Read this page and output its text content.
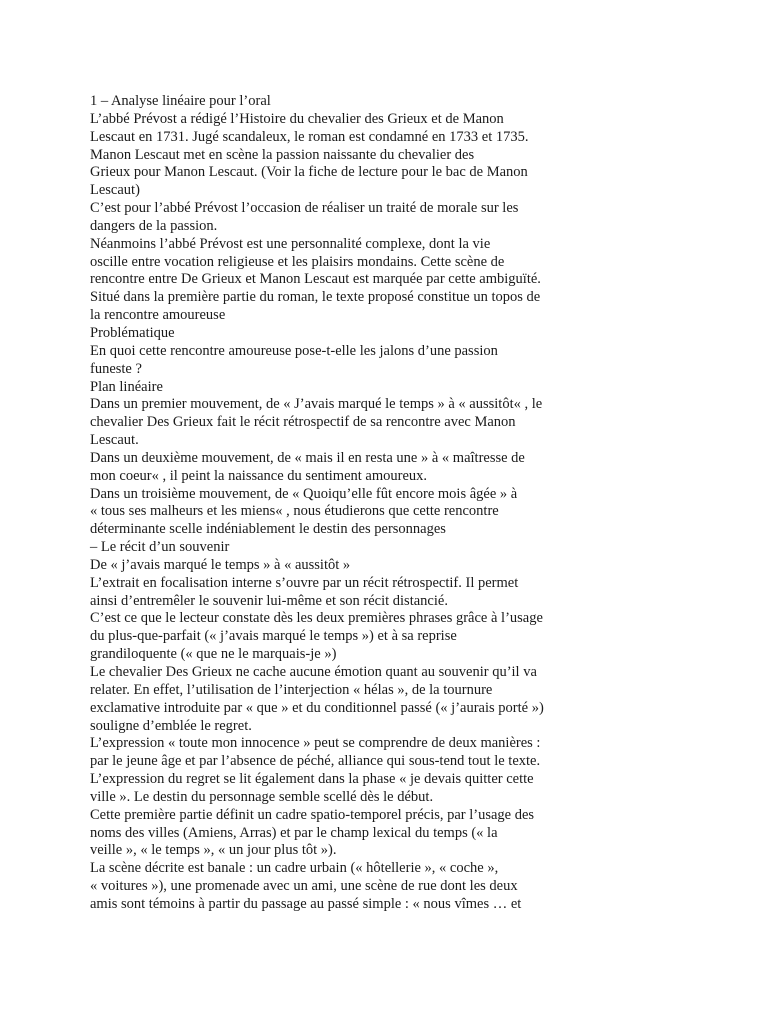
1 – Analyse linéaire pour l’oral

L’abbé Prévost a rédigé l’Histoire du chevalier des Grieux et de Manon

Lescaut en 1731. Jugé scandaleux, le roman est condamné en 1733 et 1735.

Manon Lescaut met en scène la passion naissante du chevalier des

Grieux pour Manon Lescaut. (Voir la fiche de lecture pour le bac de Manon

Lescaut)

C’est pour l’abbé Prévost l’occasion de réaliser un traité de morale sur les

dangers de la passion.

Néanmoins l’abbé Prévost est une personnalité complexe, dont la vie

oscille entre vocation religieuse et les plaisirs mondains. Cette scène de

rencontre entre De Grieux et Manon Lescaut est marquée par cette ambiguïté.

Situé dans la première partie du roman, le texte proposé constitue un topos de

la rencontre amoureuse

Problématique

En quoi cette rencontre amoureuse pose-t-elle les jalons d’une passion

funeste ?

Plan linéaire

Dans un premier mouvement, de « J’avais marqué le temps » à « aussitôt« , le

chevalier Des Grieux fait le récit rétrospectif de sa rencontre avec Manon

Lescaut.

Dans un deuxième mouvement, de « mais il en resta une » à « maîtresse de

mon coeur« , il peint la naissance du sentiment amoureux.

Dans un troisième mouvement, de « Quoiqu’elle fût encore mois âgée » à

« tous ses malheurs et les miens« , nous étudierons que cette rencontre

déterminante scelle indéniablement le destin des personnages

– Le récit d’un souvenir

De « j’avais marqué le temps » à « aussitôt »

L’extrait en focalisation interne s’ouvre par un récit rétrospectif. Il permet

ainsi d’entremêler le souvenir lui-même et son récit distancié.

C’est ce que le lecteur constate dès les deux premières phrases grâce à l’usage

du plus-que-parfait (« j’avais marqué le temps ») et à sa reprise

grandiloquente (« que ne le marquais-je »)

Le chevalier Des Grieux ne cache aucune émotion quant au souvenir qu’il va

relater. En effet, l’utilisation de l’interjection « hélas », de la tournure

exclamative introduite par « que » et du conditionnel passé (« j’aurais porté »)

souligne d’emblée le regret.

L’expression « toute mon innocence » peut se comprendre de deux manières :

par le jeune âge et par l’absence de péché, alliance qui sous-tend tout le texte.

L’expression du regret se lit également dans la phase « je devais quitter cette

ville ». Le destin du personnage semble scellé dès le début.

Cette première partie définit un cadre spatio-temporel précis, par l’usage des

noms des villes (Amiens, Arras) et par le champ lexical du temps (« la

veille », « le temps », « un jour plus tôt »).

La scène décrite est banale : un cadre urbain (« hôtellerie », « coche »,

« voitures »), une promenade avec un ami, une scène de rue dont les deux

amis sont témoins à partir du passage au passé simple : « nous vîmes … et
